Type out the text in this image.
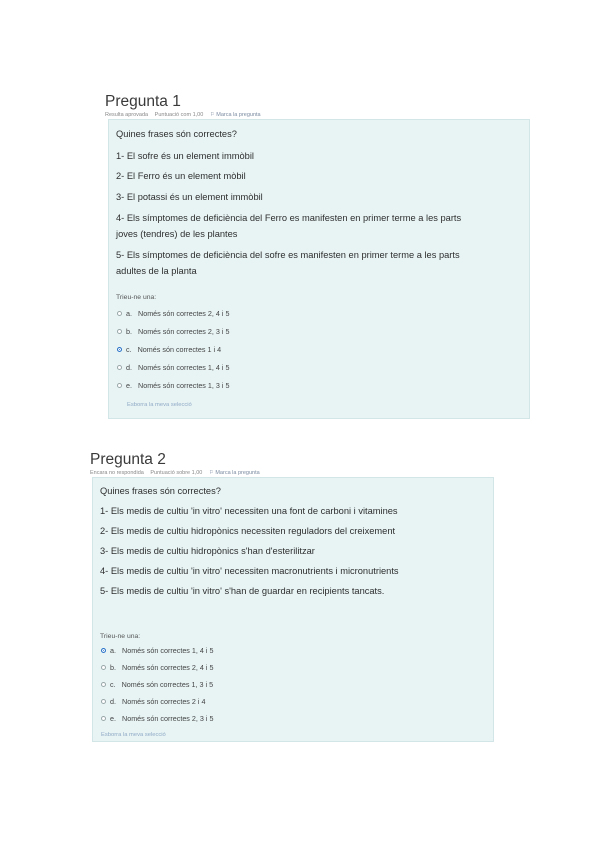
Pregunta 1
Resulta aprovada Puntuació com 1,00 ⚐ Marca la pregunta
Quines frases són correctes?
1- El sofre és un element immòbil
2- El Ferro és un element mòbil
3- El potassi és un element immòbil
4- Els símptomes de deficiència del Ferro es manifesten en primer terme a les parts
joves (tendres) de les plantes
5- Els símptomes de deficiència del sofre es manifesten en primer terme a les parts
adultes de la planta
Trieu-ne una:
a. Només són correctes 2, 4 i 5
b. Només són correctes 2, 3 i 5
c. Només són correctes 1 i 4
d. Només són correctes 1, 4 i 5
e. Només són correctes 1, 3 i 5
Esborra la meva selecció
Pregunta 2
Encara no respondida Puntuació sobre 1,00 ⚐ Marca la pregunta
Quines frases són correctes?
1- Els medis de cultiu 'in vitro' necessiten una font de carboni i vitamines
2- Els medis de cultiu hidropònics necessiten reguladors del creixement
3- Els medis de cultiu hidropònics s'han d'esterilitzar
4- Els medis de cultiu 'in vitro' necessiten macronutrients i micronutrients
5- Els medis de cultiu 'in vitro' s'han de guardar en recipients tancats.
Trieu-ne una:
a. Només són correctes 1, 4 i 5
b. Només són correctes 2, 4 i 5
c. Només són correctes 1, 3 i 5
d. Només són correctes 2 i 4
e. Només són correctes 2, 3 i 5
Esborra la meva selecció
